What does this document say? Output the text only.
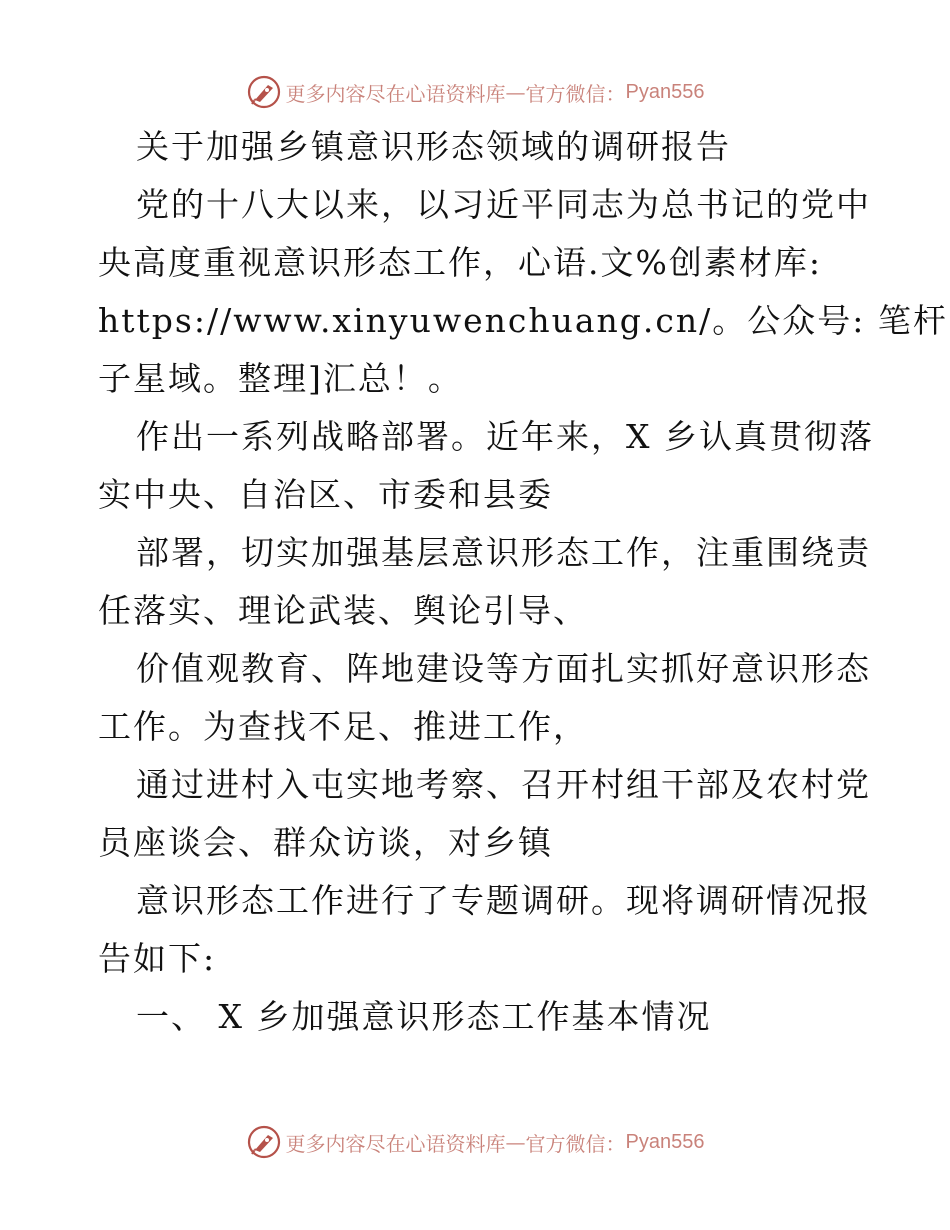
更多内容尽在心语资料库 — 官方微信： Pyan556
关于加强乡镇意识形态领域的调研报告
党的十八大以来，以习近平同志为总书记的党中
央高度重视意识形态工作，心语.文%创素材库:
https://www.xinyuwenchuang.cn/。公众号: 笔杆
子星域。整理]汇总！。
作出一系列战略部署。近年来，X 乡认真贯彻落
实中央、自治区、市委和县委
部署，切实加强基层意识形态工作，注重围绕责
任落实、理论武装、舆论引导、
价值观教育、阵地建设等方面扎实抓好意识形态
工作。为查找不足、推进工作，
通过进村入屯实地考察、召开村组干部及农村党
员座谈会、群众访谈，对乡镇
意识形态工作进行了专题调研。现将调研情况报
告如下:
一、 X 乡加强意识形态工作基本情况
更多内容尽在心语资料库 — 官方微信： Pyan556
